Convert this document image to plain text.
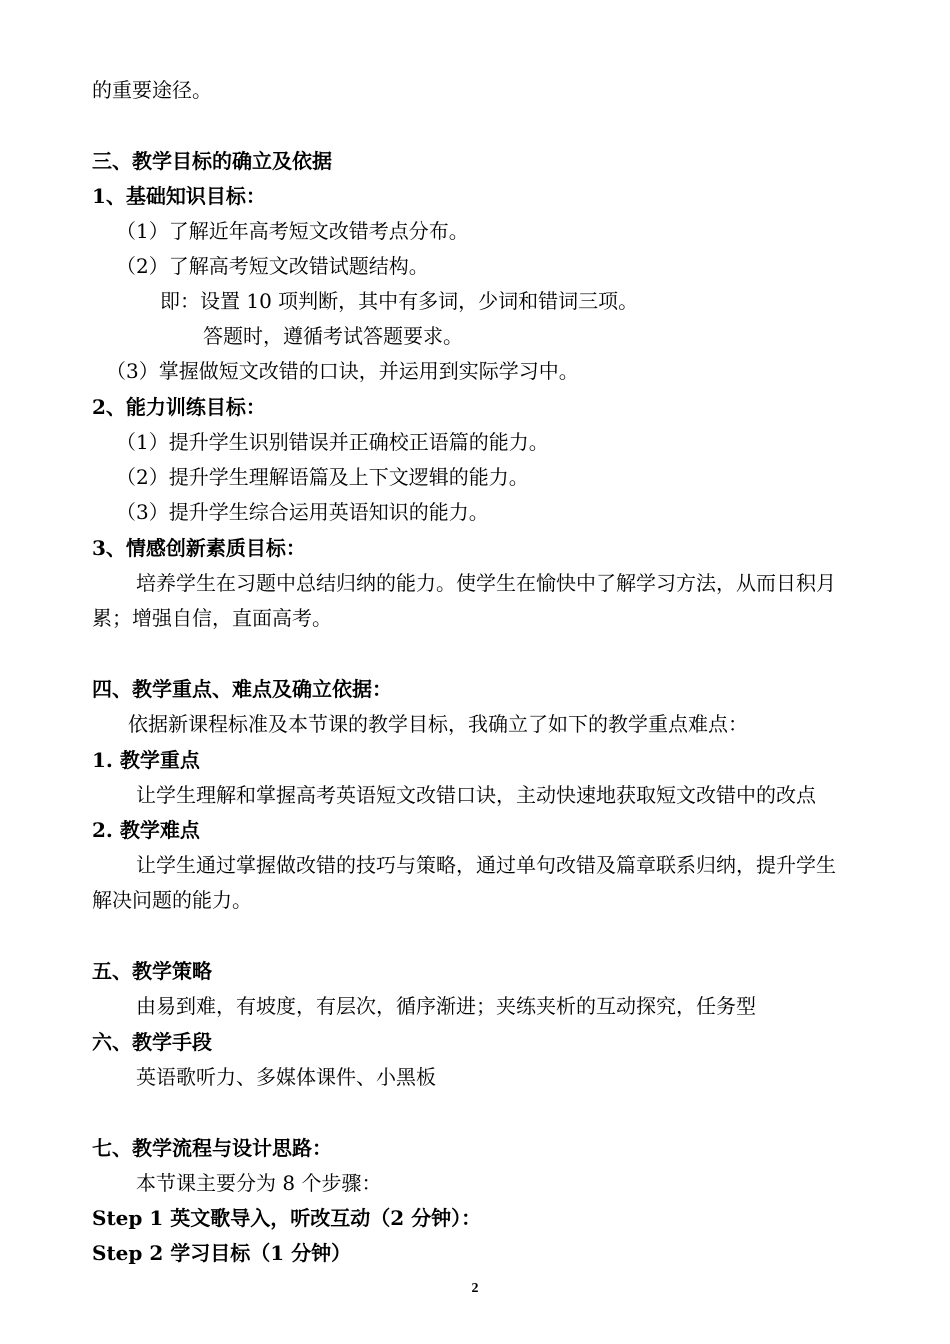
的重要途径。
三、教学目标的确立及依据
1、基础知识目标：
（1）了解近年高考短文改错考点分布。
（2）了解高考短文改错试题结构。
即：设置 10 项判断，其中有多词，少词和错词三项。
答题时，遵循考试答题要求。
（3）掌握做短文改错的口诀，并运用到实际学习中。
2、能力训练目标：
（1）提升学生识别错误并正确校正语篇的能力。
（2）提升学生理解语篇及上下文逻辑的能力。
（3）提升学生综合运用英语知识的能力。
3、情感创新素质目标：
培养学生在习题中总结归纳的能力。使学生在愉快中了解学习方法，从而日积月
累；增强自信，直面高考。
四、教学重点、难点及确立依据：
依据新课程标准及本节课的教学目标，我确立了如下的教学重点难点：
1. 教学重点
让学生理解和掌握高考英语短文改错口诀，主动快速地获取短文改错中的改点
2. 教学难点
让学生通过掌握做改错的技巧与策略，通过单句改错及篇章联系归纳，提升学生
解决问题的能力。
五、教学策略
由易到难，有坡度，有层次，循序渐进；夹练夹析的互动探究，任务型
六、教学手段
英语歌听力、多媒体课件、小黑板
七、教学流程与设计思路：
本节课主要分为 8 个步骤：
Step 1 英文歌导入，听改互动（2 分钟）：
Step 2 学习目标（1 分钟）
2
